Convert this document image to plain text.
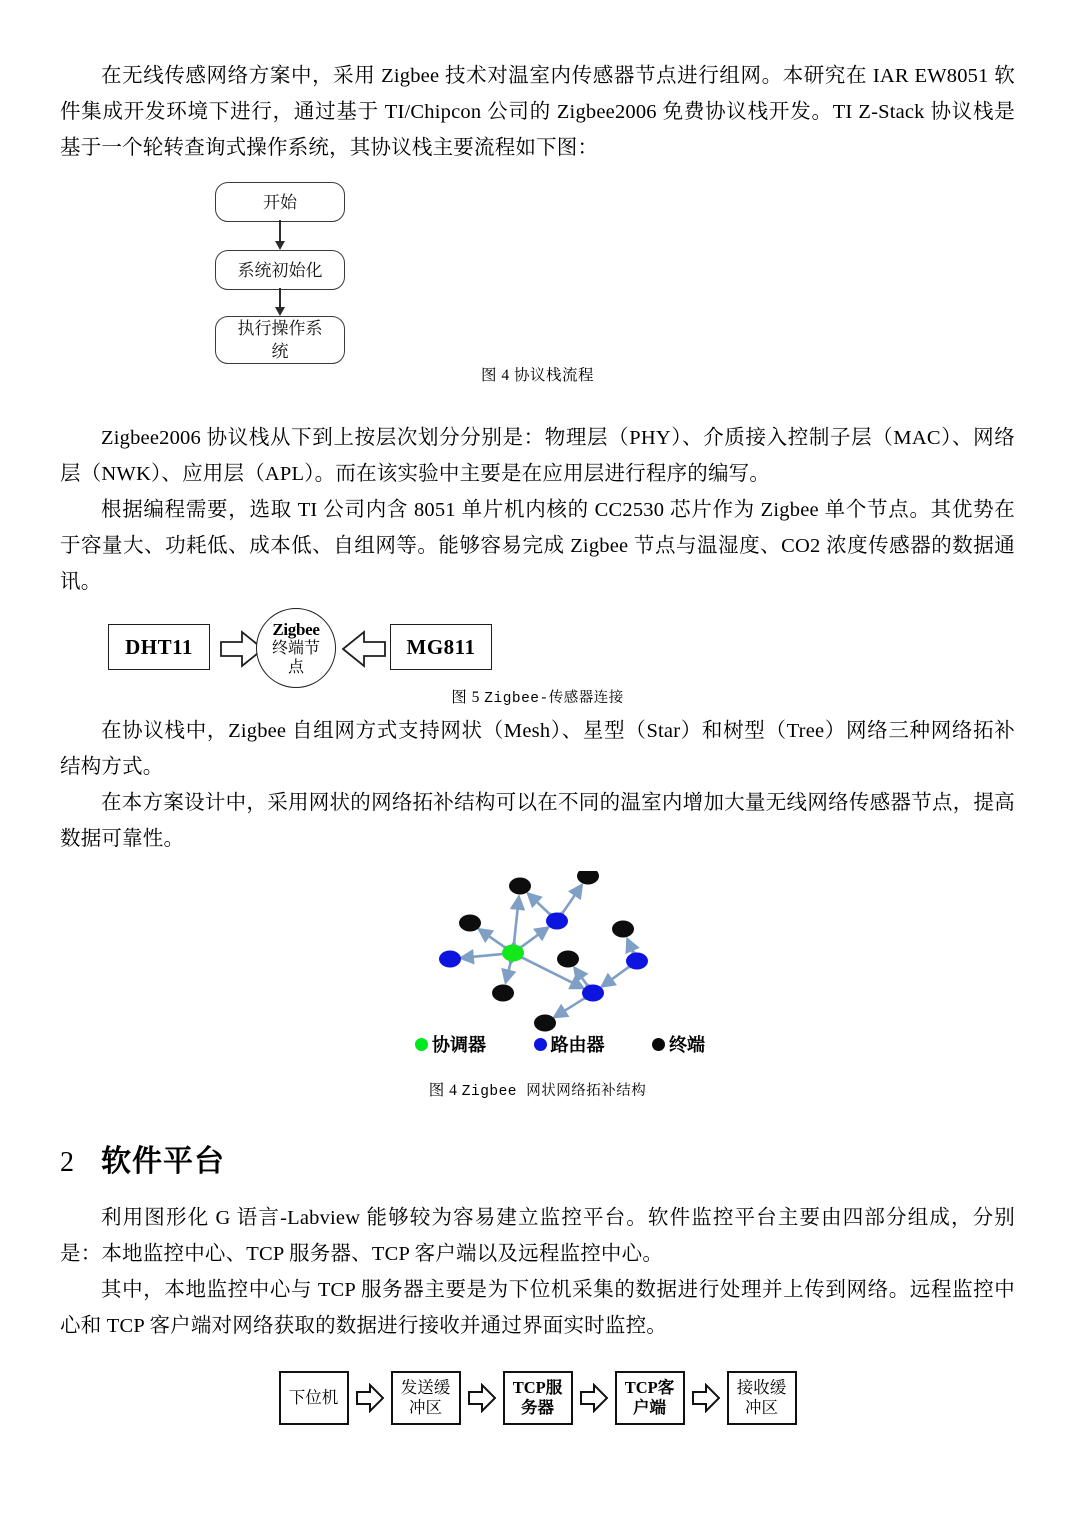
在无线传感网络方案中，采用 Zigbee 技术对温室内传感器节点进行组网。本研究在 IAR EW8051 软件集成开发环境下进行，通过基于 TI/Chipcon 公司的 Zigbee2006 免费协议栈开发。TI Z-Stack 协议栈是基于一个轮转查询式操作系统，其协议栈主要流程如下图：

开始
系统初始化
执行操作系
统

图 4 协议栈流程

Zigbee2006 协议栈从下到上按层次划分分别是：物理层（PHY）、介质接入控制子层（MAC）、网络层（NWK）、应用层（APL）。而在该实验中主要是在应用层进行程序的编写。

根据编程需要，选取 TI 公司内含 8051 单片机内核的 CC2530 芯片作为 Zigbee 单个节点。其优势在于容量大、功耗低、成本低、自组网等。能够容易完成 Zigbee 节点与温湿度、CO2 浓度传感器的数据通讯。

DHT11
Zigbee
终端节
点
MG811

图 5 Zigbee-传感器连接

在协议栈中，Zigbee 自组网方式支持网状（Mesh）、星型（Star）和树型（Tree）网络三种网络拓补结构方式。

在本方案设计中，采用网状的网络拓补结构可以在不同的温室内增加大量无线网络传感器节点，提高数据可靠性。

协调器	路由器	终端

图 4 Zigbee 网状网络拓补结构

2 软件平台

利用图形化 G 语言-Labview 能够较为容易建立监控平台。软件监控平台主要由四部分组成，分别是：本地监控中心、TCP 服务器、TCP 客户端以及远程监控中心。

其中，本地监控中心与 TCP 服务器主要是为下位机采集的数据进行处理并上传到网络。远程监控中心和 TCP 客户端对网络获取的数据进行接收并通过界面实时监控。

下位机
发送缓
冲区
TCP服
务器
TCP客
户端
接收缓
冲区
